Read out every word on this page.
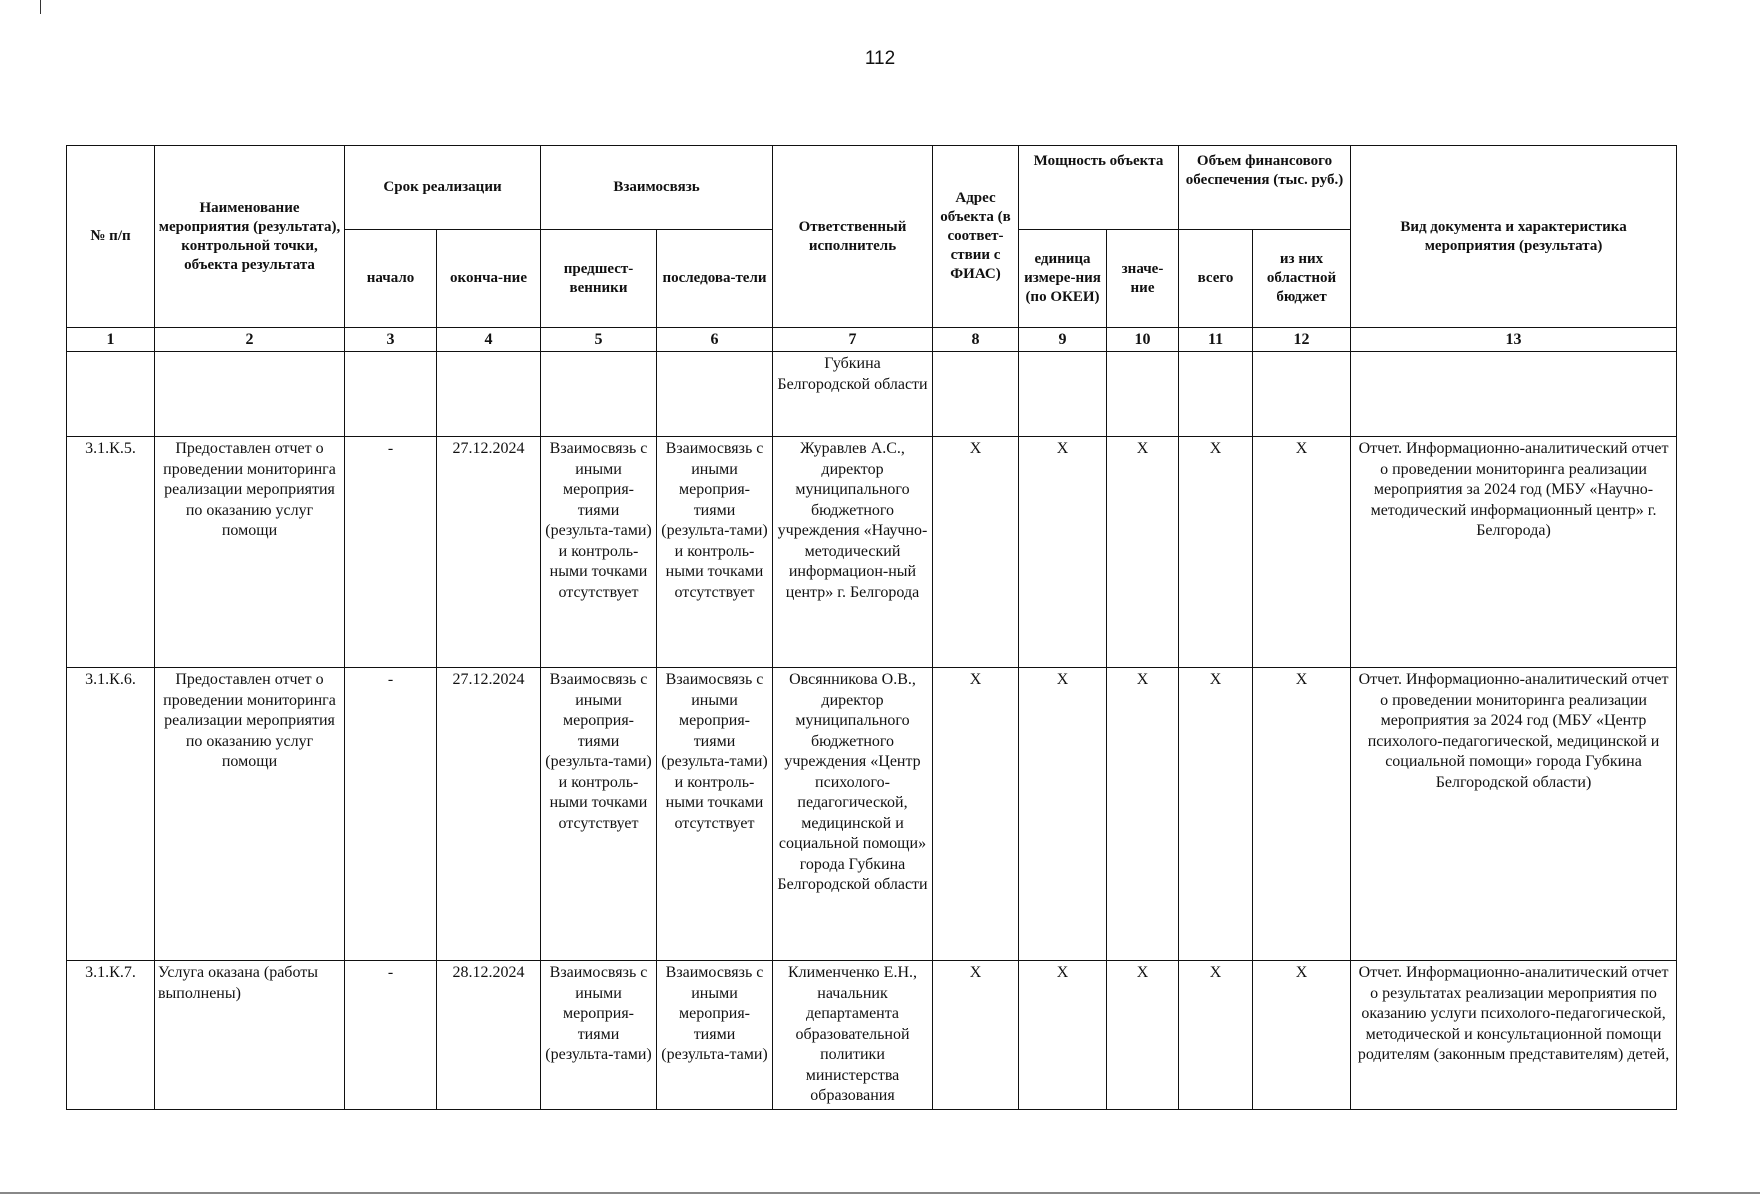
112
№ п/п	Наименование мероприятия (результата), контрольной точки, объекта результата	Срок реализации		Взаимосвязь		Ответственный исполнитель	Адрес объекта (в соответ-ствии с ФИАС)	Мощность объекта		Объем финансового обеспечения (тыс. руб.)		Вид документа и характеристика мероприятия (результата)
		начало	оконча-ние	предшест-венники	последова-тели			единица измере-ния (по ОКЕИ)	значе-ние	всего	из них областной бюджет	
1	2	3	4	5	6	7	8	9	10	11	12	13
						Губкина Белгородской области						
3.1.К.5.	Предоставлен отчет о проведении мониторинга реализации мероприятия по оказанию услуг помощи	-	27.12.2024	Взаимосвязь с иными мероприя-тиями (результа-тами) и контроль-ными точками отсутствует	Взаимосвязь с иными мероприя-тиями (результа-тами) и контроль-ными точками отсутствует	Журавлев А.С., директор муниципального бюджетного учреждения «Научно-методический информацион-ный центр» г. Белгорода	X	X	X	X	X	Отчет. Информационно-аналитический отчет о проведении мониторинга реализации мероприятия за 2024 год (МБУ «Научно-методический информационный центр» г. Белгорода)
3.1.К.6.	Предоставлен отчет о проведении мониторинга реализации мероприятия по оказанию услуг помощи	-	27.12.2024	Взаимосвязь с иными мероприя-тиями (результа-тами) и контроль-ными точками отсутствует	Взаимосвязь с иными мероприя-тиями (результа-тами) и контроль-ными точками отсутствует	Овсянникова О.В., директор муниципального бюджетного учреждения «Центр психолого-педагогической, медицинской и социальной помощи» города Губкина Белгородской области	X	X	X	X	X	Отчет. Информационно-аналитический отчет о проведении мониторинга реализации мероприятия за 2024 год (МБУ «Центр психолого-педагогической, медицинской и социальной помощи» города Губкина Белгородской области)
3.1.К.7.	Услуга оказана (работы выполнены)	-	28.12.2024	Взаимосвязь с иными мероприя-тиями (результа-тами)	Взаимосвязь с иными мероприя-тиями (результа-тами)	Клименченко Е.Н., начальник департамента образовательной политики министерства образования	X	X	X	X	X	Отчет. Информационно-аналитический отчет о результатах реализации мероприятия по оказанию услуги психолого-педагогической, методической и консультационной помощи родителям (законным представителям) детей,
